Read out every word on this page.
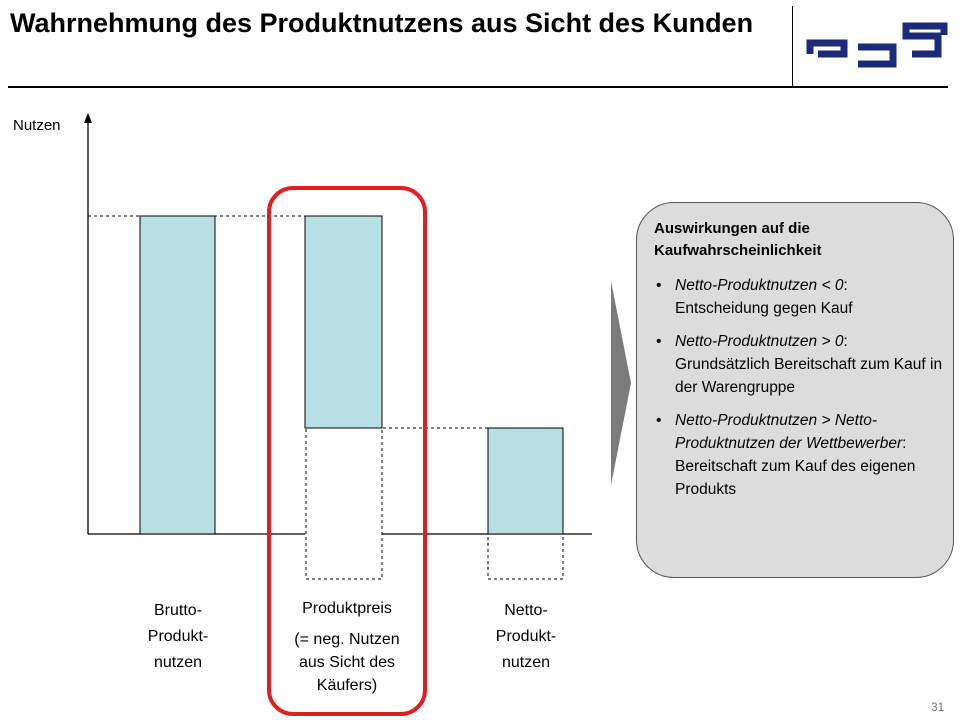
Wahrnehmung des Produktnutzens aus Sicht des Kunden
Nutzen
Brutto-
Produkt-
nutzen
Produktpreis
(= neg. Nutzen
aus Sicht des
Käufers)
Netto-
Produkt-
nutzen
Auswirkungen auf die Kaufwahrscheinlichkeit
• Netto-Produktnutzen < 0:
Entscheidung gegen Kauf
• Netto-Produktnutzen > 0:
Grundsätzlich Bereitschaft zum Kauf in der Warengruppe
• Netto-Produktnutzen > Netto-Produktnutzen der Wettbewerber:
Bereitschaft zum Kauf des eigenen Produkts
31
